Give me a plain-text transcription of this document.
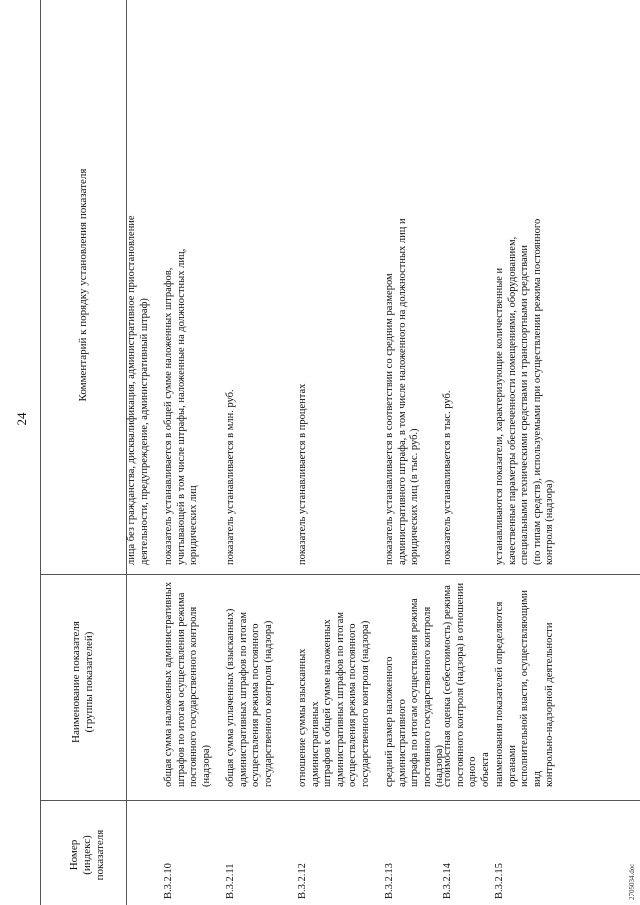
24
Номер (индекс) показателя
Наименование показателя (группы показателей)
Комментарий к порядку установления показателя	лица без гражданства, дисквалификация, административное приостановление деятельности, предупреждение, административный штраф)
В.3.2.10
общая сумма наложенных административных штрафов по итогам осуществления режима постоянного государственного контроля (надзора)
показатель устанавливается в общей сумме наложенных штрафов, учитывающей в том числе штрафы, наложенные на должностных лиц, юридических лиц
В.3.2.11
общая сумма уплаченных (взысканных) административных штрафов по итогам осуществления режима постоянного государственного контроля (надзора)
показатель устанавливается в млн. руб.
В.3.2.12
отношение суммы взысканных административных штрафов к общей сумме наложенных административных штрафов по итогам осуществления режима постоянного государственного контроля (надзора)
показатель устанавливается в процентах
В.3.2.13
средний размер наложенного административного штрафа по итогам осуществления режима постоянного государственного контроля (надзора)
показатель устанавливается в соответствии со средним размером административного штрафа, в том числе наложенного на должностных лиц и юридических лиц (в тыс. руб.)
В.3.2.14
стоимостная оценка (себестоимость) режима постоянного контроля (надзора) в отношении одного объекта
показатель устанавливается в тыс. руб.
В.3.2.15
наименования показателей определяются органами исполнительной власти, осуществляющими вид контрольно-надзорной деятельности
устанавливаются показатели, характеризующие количественные и качественные параметры обеспеченности помещениями, оборудованием, специальными техническими средствами и транспортными средствами (по типам средств), используемыми при осуществлении режима постоянного контроля (надзора)
2705034.doc
